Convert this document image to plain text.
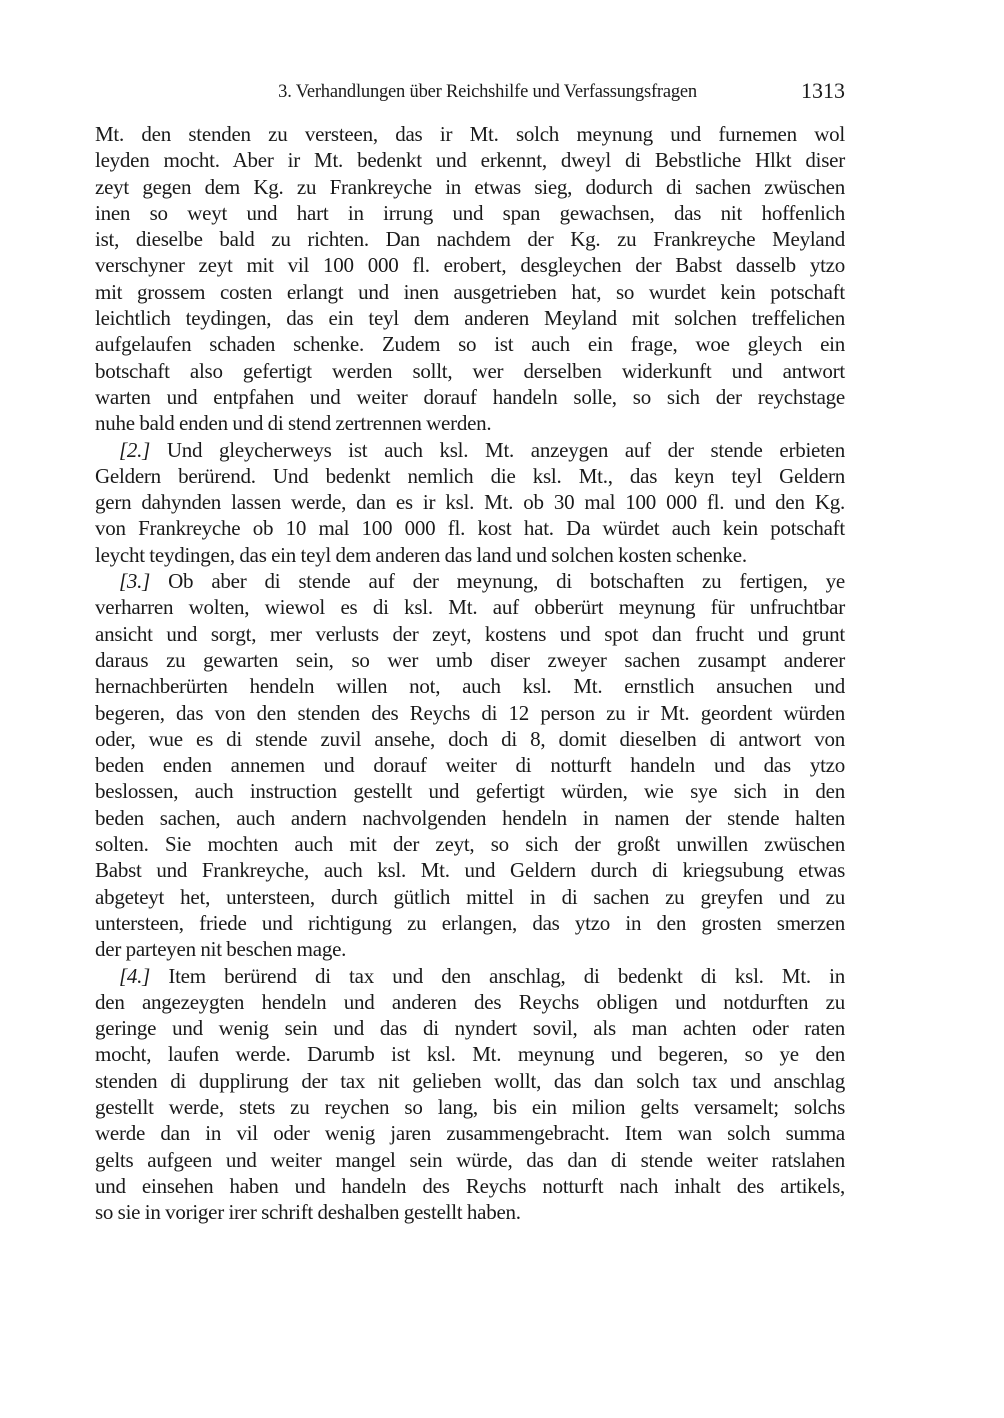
3. Verhandlungen über Reichshilfe und Verfassungsfragen	1313
Mt. den stenden zu versteen, das ir Mt. solch meynung und furnemen wol
leyden mocht. Aber ir Mt. bedenkt und erkennt, dweyl di Bebstliche Hlkt diser
zeyt gegen dem Kg. zu Frankreyche in etwas sieg, dodurch di sachen zwüschen
inen so weyt und hart in irrung und span gewachsen, das nit hoffenlich
ist, dieselbe bald zu richten. Dan nachdem der Kg. zu Frankreyche Meyland
verschyner zeyt mit vil 100 000 fl. erobert, desgleychen der Babst dasselb ytzo
mit grossem costen erlangt und inen ausgetrieben hat, so wurdet kein potschaft
leichtlich teydingen, das ein teyl dem anderen Meyland mit solchen treffelichen
aufgelaufen schaden schenke. Zudem so ist auch ein frage, woe gleych ein
botschaft also gefertigt werden sollt, wer derselben widerkunft und antwort
warten und entpfahen und weiter dorauf handeln solle, so sich der reychstage
nuhe bald enden und di stend zertrennen werden.
[2.] Und gleycherweys ist auch ksl. Mt. anzeygen auf der stende erbieten
Geldern berürend. Und bedenkt nemlich die ksl. Mt., das keyn teyl Geldern
gern dahynden lassen werde, dan es ir ksl. Mt. ob 30 mal 100 000 fl. und den Kg.
von Frankreyche ob 10 mal 100 000 fl. kost hat. Da würdet auch kein potschaft
leycht teydingen, das ein teyl dem anderen das land und solchen kosten schenke.
[3.] Ob aber di stende auf der meynung, di botschaften zu fertigen, ye
verharren wolten, wiewol es di ksl. Mt. auf obberürt meynung für unfruchtbar
ansicht und sorgt, mer verlusts der zeyt, kostens und spot dan frucht und grunt
daraus zu gewarten sein, so wer umb diser zweyer sachen zusampt anderer
hernachberürten hendeln willen not, auch ksl. Mt. ernstlich ansuchen und
begeren, das von den stenden des Reychs di 12 person zu ir Mt. geordent würden
oder, wue es di stende zuvil ansehe, doch di 8, domit dieselben di antwort von
beden enden annemen und dorauf weiter di notturft handeln und das ytzo
beslossen, auch instruction gestellt und gefertigt würden, wie sye sich in den
beden sachen, auch andern nachvolgenden hendeln in namen der stende halten
solten. Sie mochten auch mit der zeyt, so sich der großt unwillen zwüschen
Babst und Frankreyche, auch ksl. Mt. und Geldern durch di kriegsubung etwas
abgeteyt het, untersteen, durch gütlich mittel in di sachen zu greyfen und zu
untersteen, friede und richtigung zu erlangen, das ytzo in den grosten smerzen
der parteyen nit beschen mage.
[4.] Item berürend di tax und den anschlag, di bedenkt di ksl. Mt. in
den angezeygten hendeln und anderen des Reychs obligen und notdurften zu
geringe und wenig sein und das di nyndert sovil, als man achten oder raten
mocht, laufen werde. Darumb ist ksl. Mt. meynung und begeren, so ye den
stenden di dupplirung der tax nit gelieben wollt, das dan solch tax und anschlag
gestellt werde, stets zu reychen so lang, bis ein milion gelts versamelt; solchs
werde dan in vil oder wenig jaren zusammengebracht. Item wan solch summa
gelts aufgeen und weiter mangel sein würde, das dan di stende weiter ratslahen
und einsehen haben und handeln des Reychs notturft nach inhalt des artikels,
so sie in voriger irer schrift deshalben gestellt haben.
